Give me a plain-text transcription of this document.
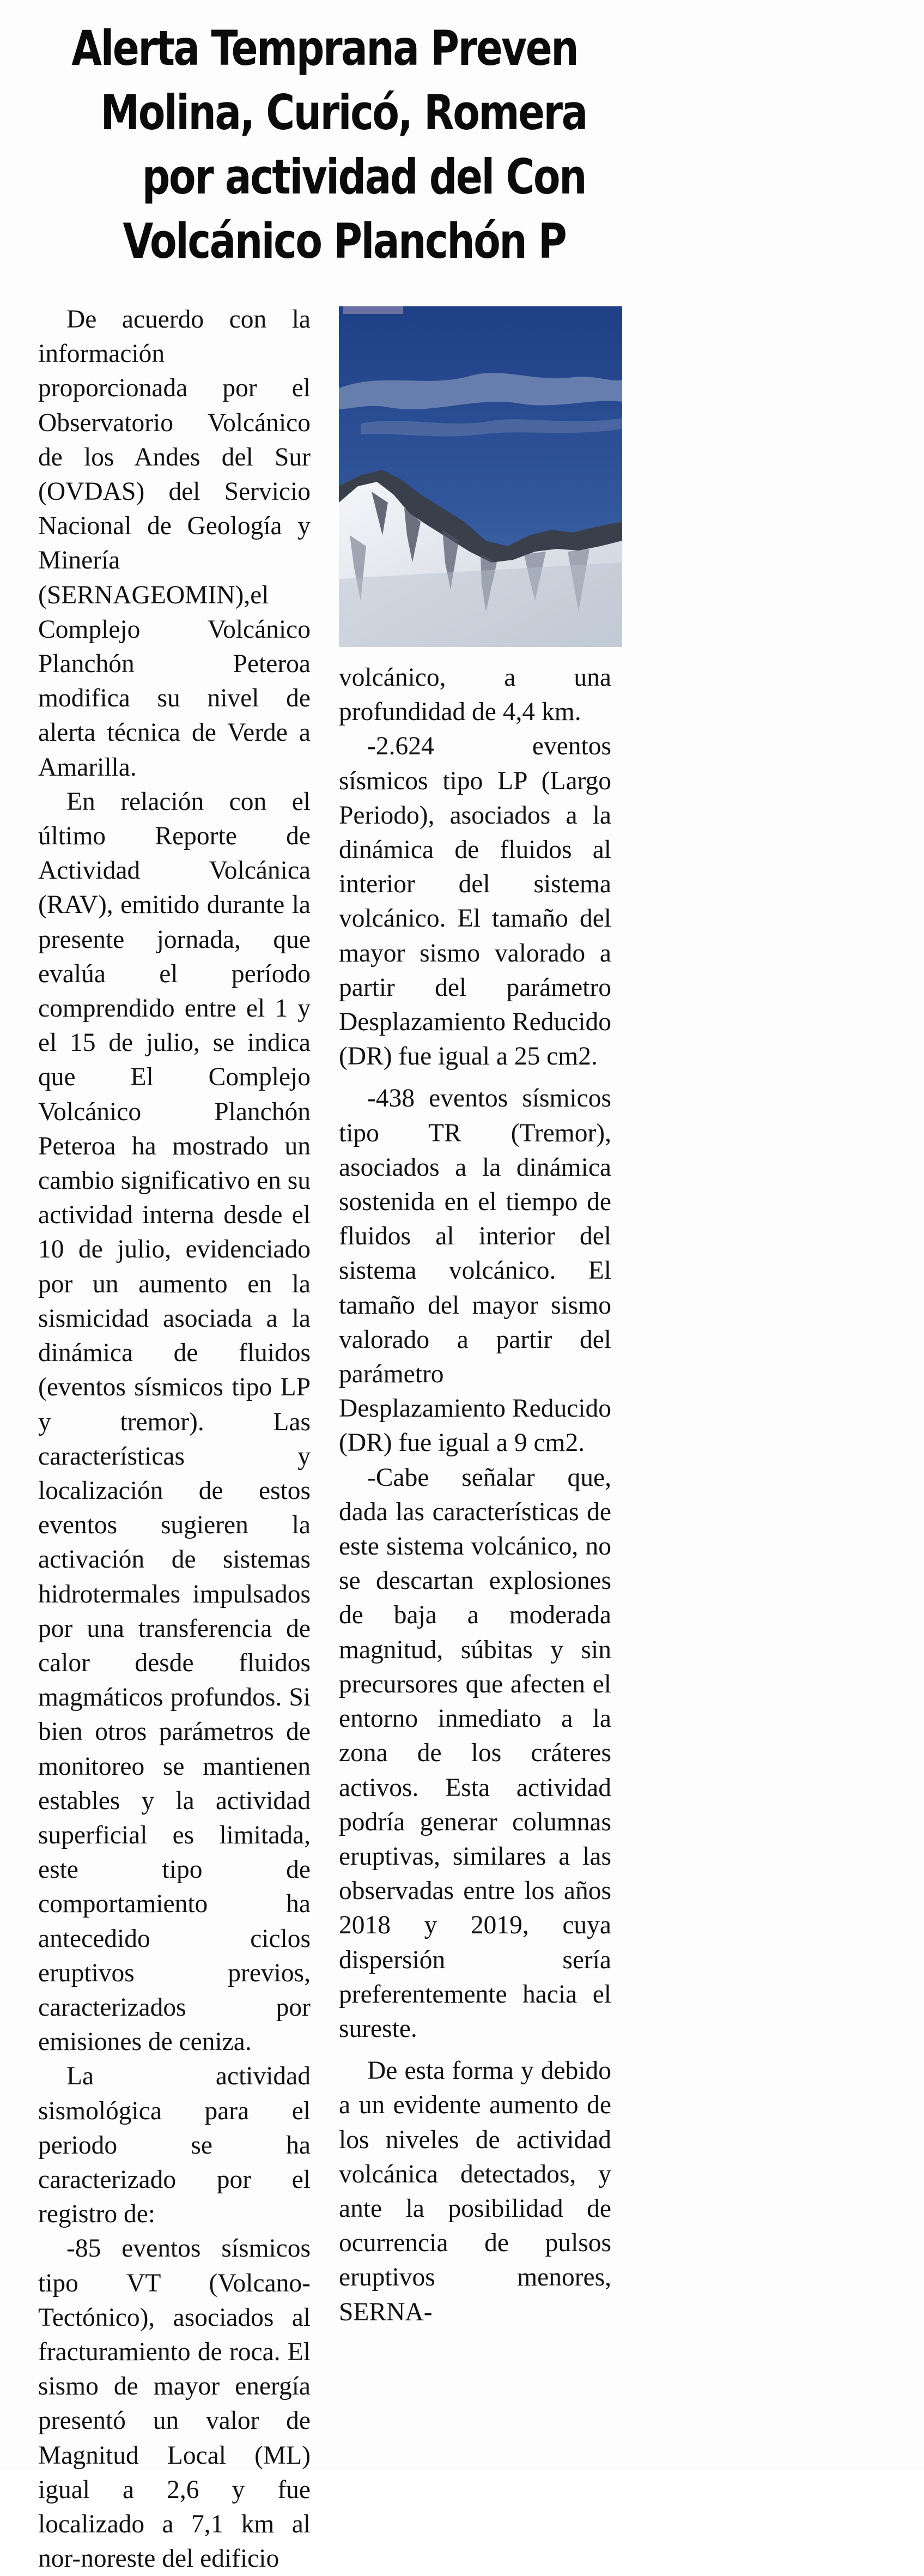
Alerta Temprana Preven
Molina, Curicó, Romera
por actividad del Con
Volcánico Planchón P

De acuerdo con la información proporcionada por el Observatorio Volcánico de los Andes del Sur (OVDAS) del Servicio Nacional de Geología y Minería (SERNAGEOMIN),el Complejo Volcánico Planchón Peteroa modifica su nivel de alerta técnica de Verde a Amarilla.

En relación con el último Reporte de Actividad Volcánica (RAV), emitido durante la presente jornada, que evalúa el período comprendido entre el 1 y el 15 de julio, se indica que El Complejo Volcánico Planchón Peteroa ha mostrado un cambio significativo en su actividad interna desde el 10 de julio, evidenciado por un aumento en la sismicidad asociada a la dinámica de fluidos (eventos sísmicos tipo LP y tremor). Las características y localización de estos eventos sugieren la activación de sistemas hidrotermales impulsados por una transferencia de calor desde fluidos magmáticos profundos. Si bien otros parámetros de monitoreo se mantienen estables y la actividad superficial es limitada, este tipo de comportamiento ha antecedido ciclos eruptivos previos, caracterizados por emisiones de ceniza.

La actividad sismológica para el periodo se ha caracterizado por el registro de:

-85 eventos sísmicos tipo VT (Volcano-Tectónico), asociados al fracturamiento de roca. El sismo de mayor energía presentó un valor de Magnitud Local (ML) igual a 2,6 y fue localizado a 7,1 km al nor-noreste del edificio

volcánico, a una profundidad de 4,4 km.

-2.624 eventos sísmicos tipo LP (Largo Periodo), asociados a la dinámica de fluidos al interior del sistema volcánico. El tamaño del mayor sismo valorado a partir del parámetro Desplazamiento Reducido (DR) fue igual a 25 cm2.

-438 eventos sísmicos tipo TR (Tremor), asociados a la dinámica sostenida en el tiempo de fluidos al interior del sistema volcánico. El tamaño del mayor sismo valorado a partir del parámetro Desplazamiento Reducido (DR) fue igual a 9 cm2.

-Cabe señalar que, dada las características de este sistema volcánico, no se descartan explosiones de baja a moderada magnitud, súbitas y sin precursores que afecten el entorno inmediato a la zona de los cráteres activos. Esta actividad podría generar columnas eruptivas, similares a las observadas entre los años 2018 y 2019, cuya dispersión sería preferentemente hacia el sureste.

De esta forma y debido a un evidente aumento de los niveles de actividad volcánica detectados, y ante la posibilidad de ocurrencia de pulsos eruptivos menores, SERNA-
